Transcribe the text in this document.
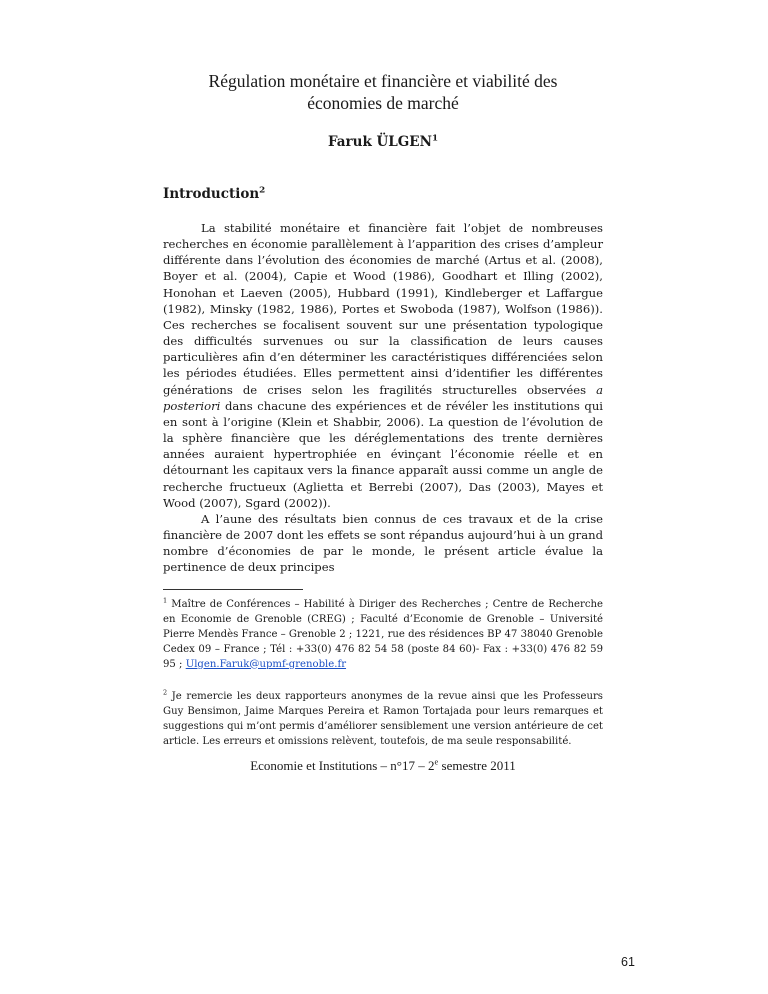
Régulation monétaire et financière et viabilité des
économies de marché
Faruk ÜLGEN$^1$
Introduction$^2$

La stabilité monétaire et financière fait l’objet de nombreuses recherches en économie parallèlement à l’apparition des crises d’ampleur différente dans l’évolution des économies de marché (Artus et al. (2008), Boyer et al. (2004), Capie et Wood (1986), Goodhart et Illing (2002), Honohan et Laeven (2005), Hubbard (1991), Kindleberger et Laffargue (1982), Minsky (1982, 1986), Portes et Swoboda (1987), Wolfson (1986)). Ces recherches se focalisent souvent sur une présentation typologique des difficultés survenues ou sur la classification de leurs causes particulières afin d’en déterminer les caractéristiques différenciées selon les périodes étudiées. Elles permettent ainsi d’identifier les différentes générations de crises selon les fragilités structurelles observées a posteriori dans chacune des expériences et de révéler les institutions qui en sont à l’origine (Klein et Shabbir, 2006). La question de l’évolution de la sphère financière que les déréglementations des trente dernières années auraient hypertrophiée en évinçant l’économie réelle et en détournant les capitaux vers la finance apparaît aussi comme un angle de recherche fructueux (Aglietta et Berrebi (2007), Das (2003), Mayes et Wood (2007), Sgard (2002)).

A l’aune des résultats bien connus de ces travaux et de la crise financière de 2007 dont les effets se sont répandus aujourd’hui à un grand nombre d’économies de par le monde, le présent article évalue la pertinence de deux principes

$^1$ Maître de Conférences – Habilité à Diriger des Recherches ; Centre de Recherche en Economie de Grenoble (CREG) ; Faculté d’Economie de Grenoble – Université Pierre Mendès France – Grenoble 2 ; 1221, rue des résidences BP 47 38040 Grenoble Cedex 09 – France ; Tél : +33(0) 476 82 54 58 (poste 84 60)- Fax : +33(0) 476 82 59 95 ; Ulgen.Faruk@upmf-grenoble.fr
$^2$ Je remercie les deux rapporteurs anonymes de la revue ainsi que les Professeurs Guy Bensimon, Jaime Marques Pereira et Ramon Tortajada pour leurs remarques et suggestions qui m’ont permis d’améliorer sensiblement une version antérieure de cet article. Les erreurs et omissions relèvent, toutefois, de ma seule responsabilité.
Economie et Institutions – n°17 – 2e semestre 2011
61
